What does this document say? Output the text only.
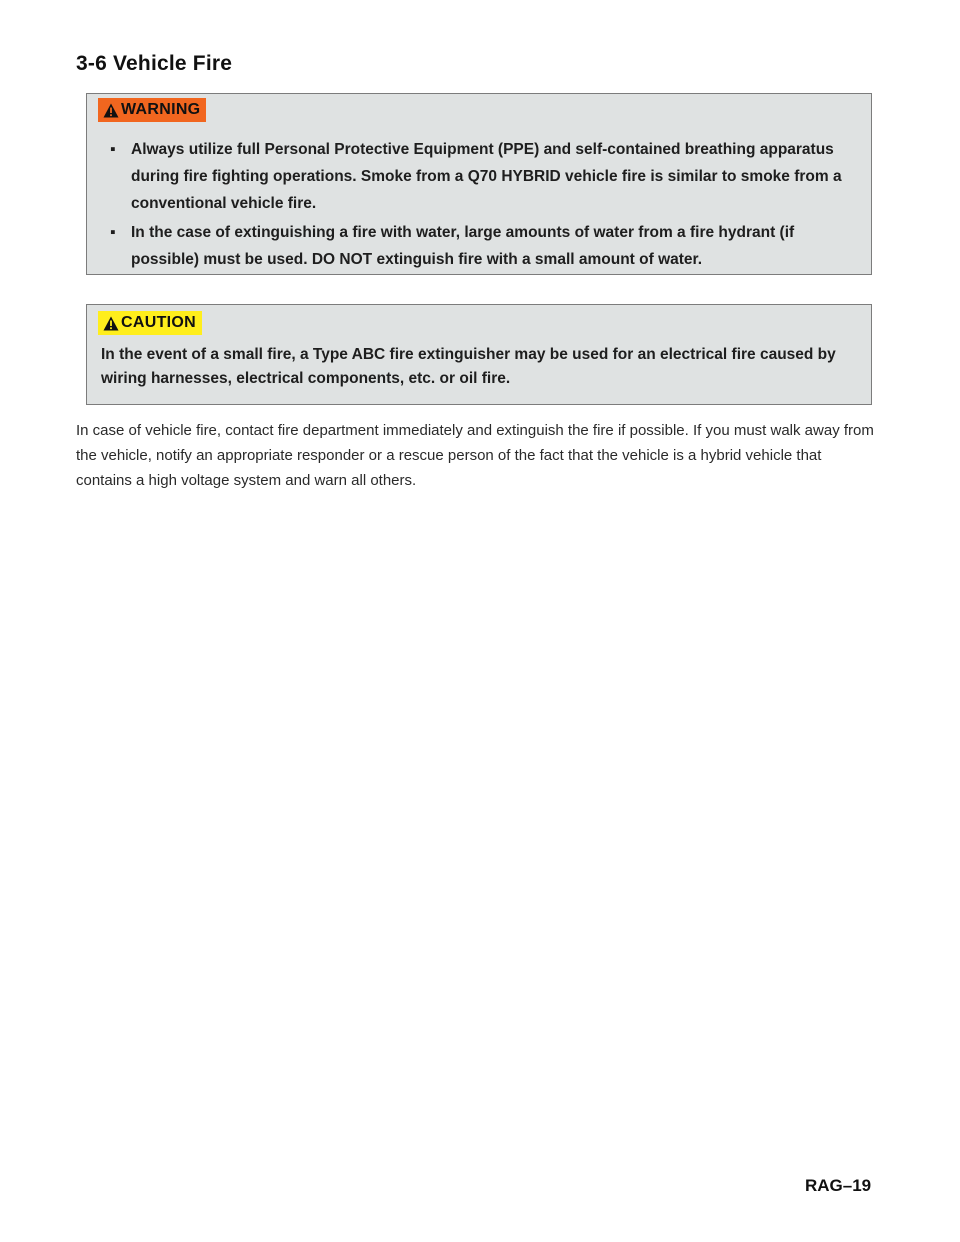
3-6 Vehicle Fire
WARNING
▪ Always utilize full Personal Protective Equipment (PPE) and self-contained breathing apparatus during fire fighting operations. Smoke from a Q70 HYBRID vehicle fire is similar to smoke from a conventional vehicle fire.
▪ In the case of extinguishing a fire with water, large amounts of water from a fire hydrant (if possible) must be used. DO NOT extinguish fire with a small amount of water.
CAUTION

In the event of a small fire, a Type ABC fire extinguisher may be used for an electrical fire caused by wiring harnesses, electrical components, etc. or oil fire.

In case of vehicle fire, contact fire department immediately and extinguish the fire if possible. If you must walk away from the vehicle, notify an appropriate responder or a rescue person of the fact that the vehicle is a hybrid vehicle that contains a high voltage system and warn all others.

RAG–19
